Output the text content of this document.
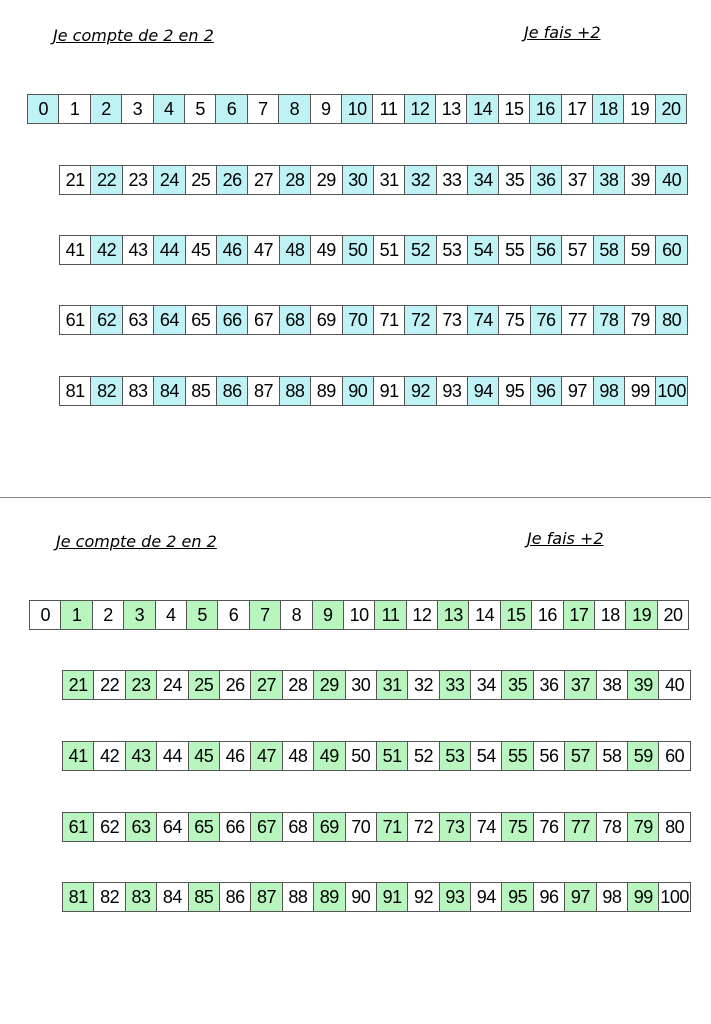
Je compte de 2 en 2	Je fais +2
0	1	2	3	4	5	6	7	8	9 10 11 12 13 14 15 16 17 18 19 20
21 22 23 24 25 26 27 28 29 30 31 32 33 34 35 36 37 38 39 40
41 42 43 44 45 46 47 48 49 50 51 52 53 54 55 56 57 58 59 60
61 62 63 64 65 66 67 68 69 70 71 72 73 74 75 76 77 78 79 80
81 82 83 84 85 86 87 88 89 90 91 92 93 94 95 96 97 98 99 100
Je compte de 2 en 2	Je fais +2
0	1	2	3	4	5	6	7	8	9 10 11 12 13 14 15 16 17 18 19 20
21 22 23 24 25 26 27 28 29 30 31 32 33 34 35 36 37 38 39 40
41 42 43 44 45 46 47 48 49 50 51 52 53 54 55 56 57 58 59 60
61 62 63 64 65 66 67 68 69 70 71 72 73 74 75 76 77 78 79 80
81 82 83 84 85 86 87 88 89 90 91 92 93 94 95 96 97 98 99 100
